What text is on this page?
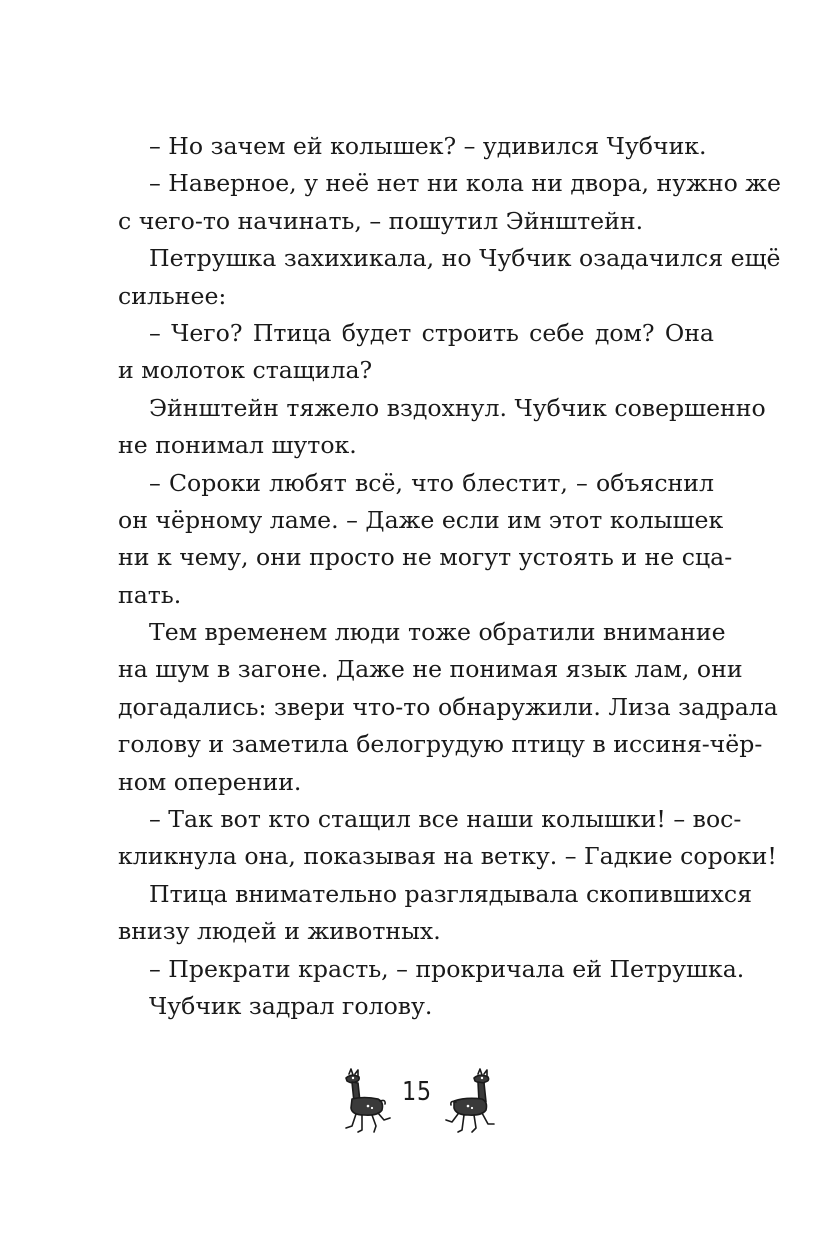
– Но зачем ей колышек? – удивился Чубчик.
– Наверное, у неё нет ни кола ни двора, нужно же
с чего-то начинать, – пошутил Эйнштейн.
Петрушка захихикала, но Чубчик озадачился ещё
сильнее:
– Чего? Птица будет строить себе дом? Она
и молоток стащила?
Эйнштейн тяжело вздохнул. Чубчик совершенно
не понимал шуток.
– Сороки любят всё, что блестит, – объяснил
он чёрному ламе. – Даже если им этот колышек
ни к чему, они просто не могут устоять и не сца-
пать.
Тем временем люди тоже обратили внимание
на шум в загоне. Даже не понимая язык лам, они
догадались: звери что-то обнаружили. Лиза задрала
голову и заметила белогрудую птицу в иссиня-чёр-
ном оперении.
– Так вот кто стащил все наши колышки! – вос-
кликнула она, показывая на ветку. – Гадкие сороки!
Птица внимательно разглядывала скопившихся
внизу людей и животных.
– Прекрати красть, – прокричала ей Петрушка.
Чубчик задрал голову.
15
